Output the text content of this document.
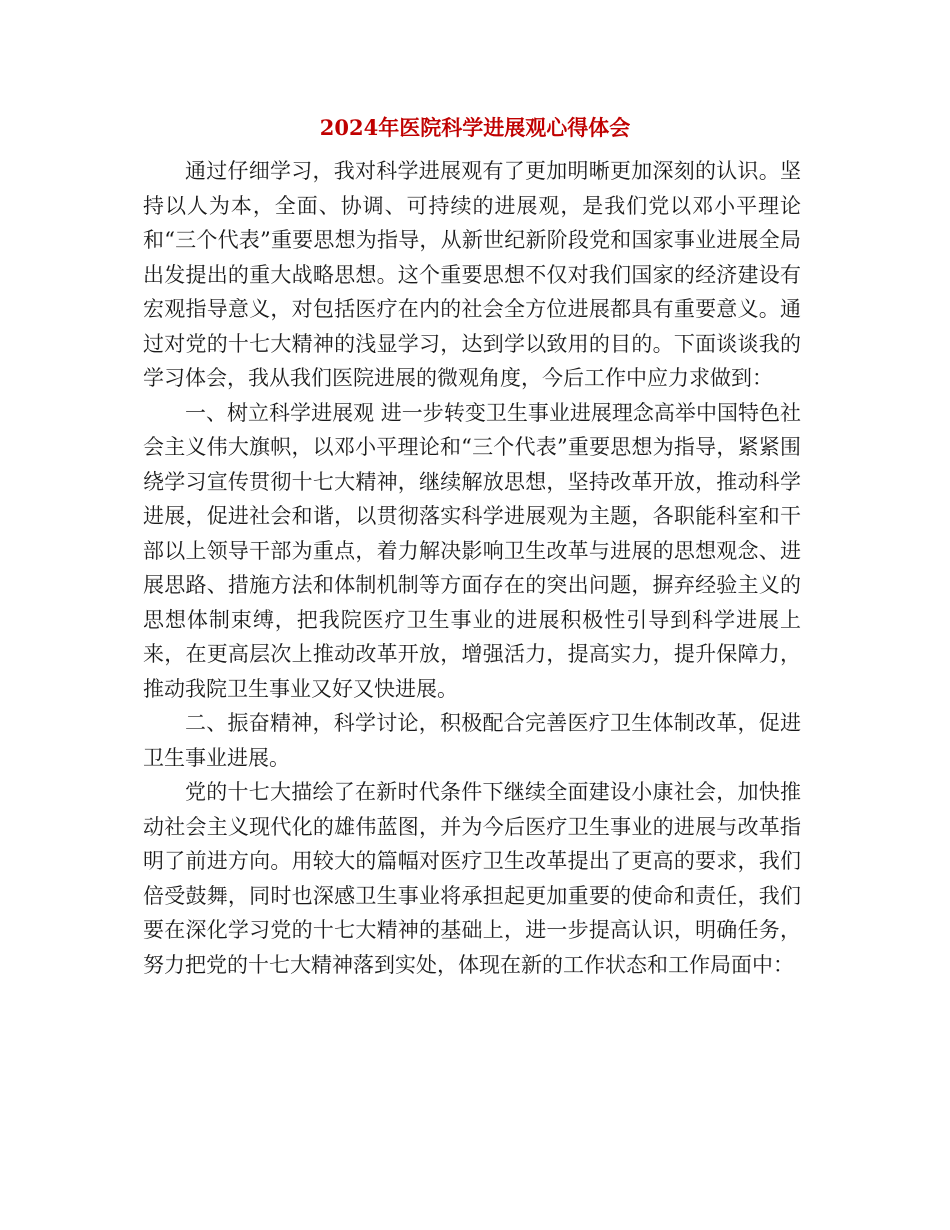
2024年医院科学进展观心得体会

通过仔细学习，我对科学进展观有了更加明晰更加深刻的认识。坚持以人为本，全面、协调、可持续的进展观，是我们党以邓小平理论和“三个代表”重要思想为指导，从新世纪新阶段党和国家事业进展全局出发提出的重大战略思想。这个重要思想不仅对我们国家的经济建设有宏观指导意义，对包括医疗在内的社会全方位进展都具有重要意义。通过对党的十七大精神的浅显学习，达到学以致用的目的。下面谈谈我的学习体会，我从我们医院进展的微观角度，今后工作中应力求做到：

一、树立科学进展观 进一步转变卫生事业进展理念高举中国特色社会主义伟大旗帜，以邓小平理论和“三个代表”重要思想为指导，紧紧围绕学习宣传贯彻十七大精神，继续解放思想，坚持改革开放，推动科学进展，促进社会和谐，以贯彻落实科学进展观为主题，各职能科室和干部以上领导干部为重点，着力解决影响卫生改革与进展的思想观念、进展思路、措施方法和体制机制等方面存在的突出问题，摒弃经验主义的思想体制束缚，把我院医疗卫生事业的进展积极性引导到科学进展上来，在更高层次上推动改革开放，增强活力，提高实力，提升保障力，推动我院卫生事业又好又快进展。

二、振奋精神，科学讨论，积极配合完善医疗卫生体制改革，促进卫生事业进展。

党的十七大描绘了在新时代条件下继续全面建设小康社会，加快推动社会主义现代化的雄伟蓝图，并为今后医疗卫生事业的进展与改革指明了前进方向。用较大的篇幅对医疗卫生改革提出了更高的要求，我们倍受鼓舞，同时也深感卫生事业将承担起更加重要的使命和责任，我们要在深化学习党的十七大精神的基础上，进一步提高认识，明确任务，努力把党的十七大精神落到实处，体现在新的工作状态和工作局面中：
